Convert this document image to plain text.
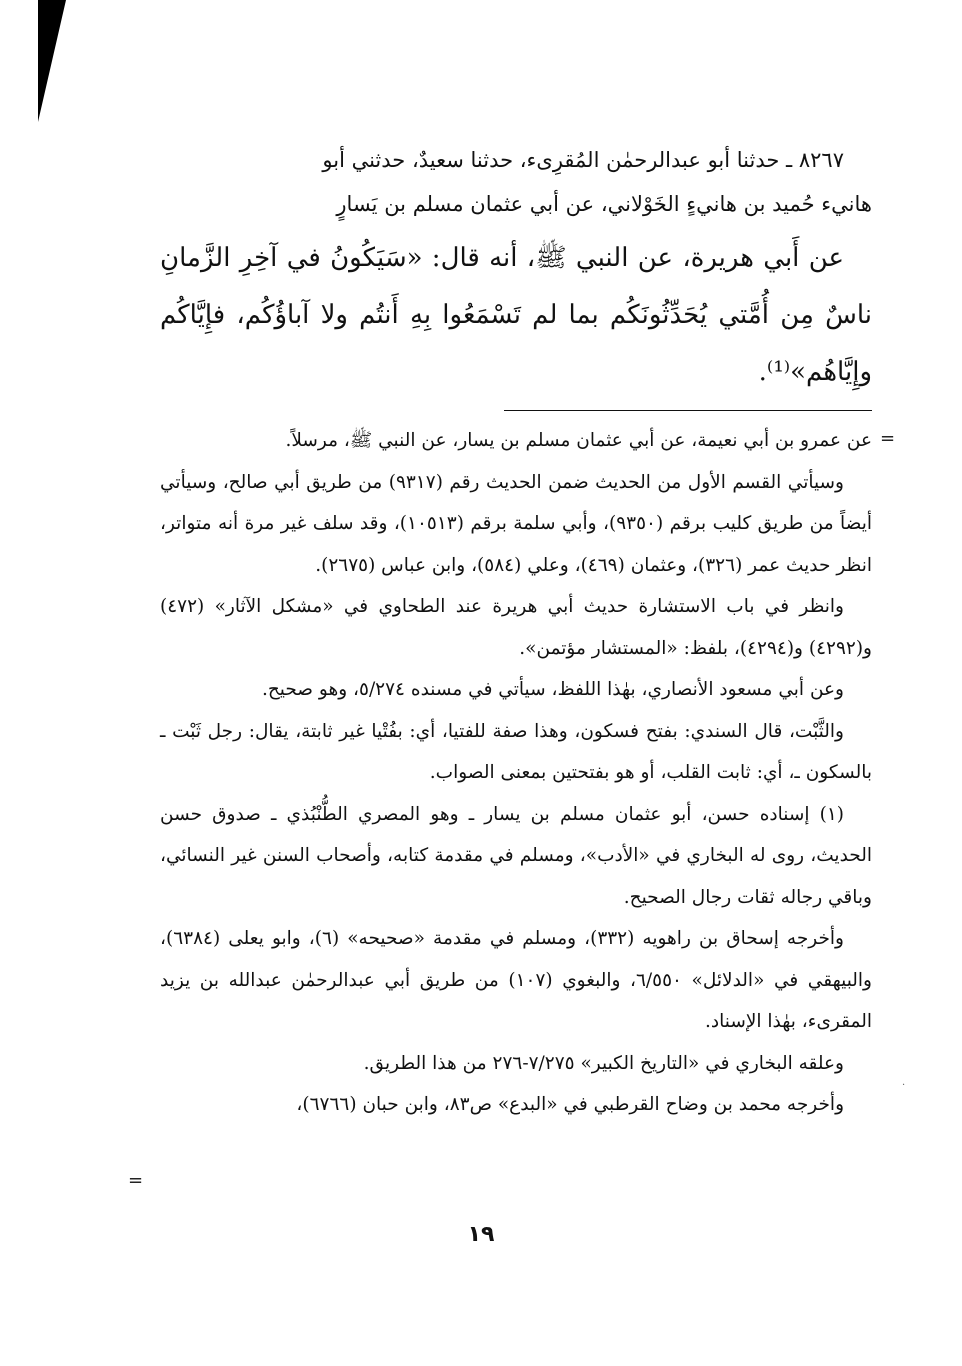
٨٢٦٧ ـ حدثنا أبو عبدالرحمٰن المُقرِىء، حدثنا سعيدٌ، حدثني أبو

هانيء حُميد بن هانيءٍ الخَوْلاني، عن أبي عثمان مسلم بن يَسارٍ

عن أَبي هريرة، عن النبي ﷺ، أنه قال: «سَيَكُونُ في آخِرِ الزَّمانِ ناسٌ مِن أُمَّتي يُحَدِّثُونَكُم بما لم تَسْمَعُوا بِهِ أَنتُم ولا آباؤُكُم، فإِيَّاكُم وإِيَّاهُم»⁽¹⁾.

عن عمرو بن أبي نعيمة، عن أبي عثمان مسلم بن يسار، عن النبي ﷺ، مرسلاً.

وسيأتي القسم الأول من الحديث ضمن الحديث رقم (٩٣١٧) من طريق أبي صالح، وسيأتي أيضاً من طريق كليب برقم (٩٣٥٠)، وأبي سلمة برقم (١٠٥١٣)، وقد سلف غير مرة أنه متواتر، انظر حديث عمر (٣٢٦)، وعثمان (٤٦٩)، وعلي (٥٨٤)، وابن عباس (٢٦٧٥).

وانظر في باب الاستشارة حديث أبي هريرة عند الطحاوي في «مشكل الآثار» (٤٧٢) و(٤٢٩٢) و(٤٢٩٤)، بلفظ: «المستشار مؤتمن».

وعن أبي مسعود الأنصاري، بهٰذا اللفظ، سيأتي في مسنده ٥/٢٧٤، وهو صحيح.

والثَّبْت، قال السندي: بفتح فسكون، وهذا صفة للفتيا، أي: بفُتْيا غير ثابتة، يقال: رجل ثَبْت ـ بالسكون ـ، أي: ثابت القلب، أو هو بفتحتين بمعنى الصواب.

(١) إسناده حسن، أبو عثمان مسلم بن يسار ـ وهو المصري الطُّنْبُذي ـ صدوق حسن الحديث، روى له البخاري في «الأدب»، ومسلم في مقدمة كتابه، وأصحاب السنن غير النسائي، وباقي رجاله ثقات رجال الصحيح.

وأخرجه إسحاق بن راهويه (٣٣٢)، ومسلم في مقدمة «صحيحه» (٦)، وابو يعلى (٦٣٨٤)، والبيهقي في «الدلائل» ٦/٥٥٠، والبغوي (١٠٧) من طريق أبي عبدالرحمٰن عبدالله بن يزيد المقرىء، بهٰذا الإسناد.

وعلقه البخاري في «التاريخ الكبير» ٧/٢٧٥-٢٧٦ من هذا الطريق.

وأخرجه محمد بن وضاح القرطبي في «البدع» ص٨٣، وابن حبان (٦٧٦٦)،

=
=
·
١٩
